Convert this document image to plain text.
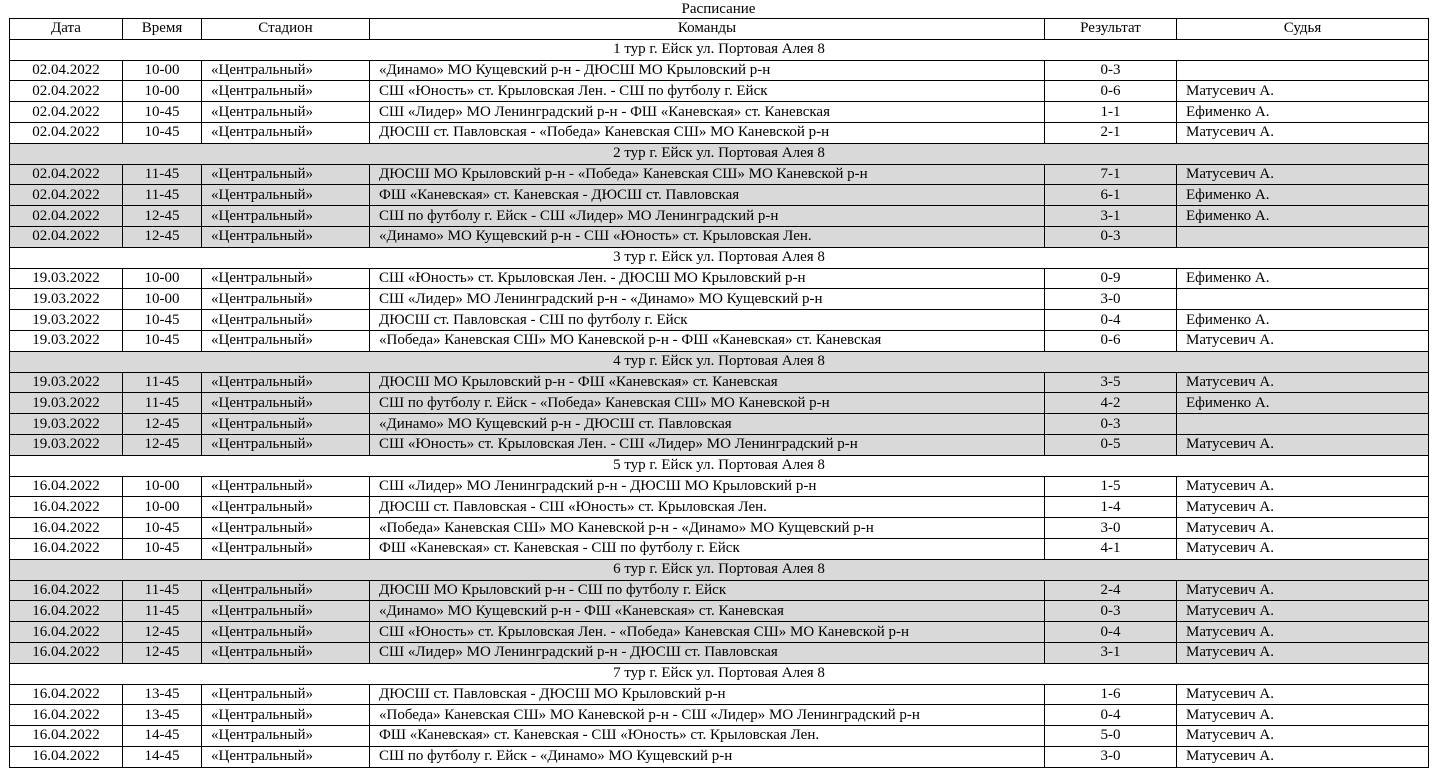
Расписание
Дата	Время	Стадион	Команды	Результат	Судья
1 тур г. Ейск ул. Портовая Алея 8					
02.04.2022	10-00	«Центральный»	«Динамо» МО Кущевский р-н - ДЮСШ МО Крыловский р-н	0-3	
02.04.2022	10-00	«Центральный»	СШ «Юность» ст. Крыловская Лен. - СШ по футболу г. Ейск	0-6	Матусевич А.
02.04.2022	10-45	«Центральный»	СШ «Лидер» МО Ленинградский р-н - ФШ «Каневская» ст. Каневская	1-1	Ефименко А.
02.04.2022	10-45	«Центральный»	ДЮСШ ст. Павловская - «Победа» Каневская СШ» МО Каневской р-н	2-1	Матусевич А.
2 тур г. Ейск ул. Портовая Алея 8					
02.04.2022	11-45	«Центральный»	ДЮСШ МО Крыловский р-н - «Победа» Каневская СШ» МО Каневской р-н	7-1	Матусевич А.
02.04.2022	11-45	«Центральный»	ФШ «Каневская» ст. Каневская - ДЮСШ ст. Павловская	6-1	Ефименко А.
02.04.2022	12-45	«Центральный»	СШ по футболу г. Ейск - СШ «Лидер» МО Ленинградский р-н	3-1	Ефименко А.
02.04.2022	12-45	«Центральный»	«Динамо» МО Кущевский р-н - СШ «Юность» ст. Крыловская Лен.	0-3	
3 тур г. Ейск ул. Портовая Алея 8					
19.03.2022	10-00	«Центральный»	СШ «Юность» ст. Крыловская Лен. - ДЮСШ МО Крыловский р-н	0-9	Ефименко А.
19.03.2022	10-00	«Центральный»	СШ «Лидер» МО Ленинградский р-н - «Динамо» МО Кущевский р-н	3-0	
19.03.2022	10-45	«Центральный»	ДЮСШ ст. Павловская - СШ по футболу г. Ейск	0-4	Ефименко А.
19.03.2022	10-45	«Центральный»	«Победа» Каневская СШ» МО Каневской р-н - ФШ «Каневская» ст. Каневская	0-6	Матусевич А.
4 тур г. Ейск ул. Портовая Алея 8					
19.03.2022	11-45	«Центральный»	ДЮСШ МО Крыловский р-н - ФШ «Каневская» ст. Каневская	3-5	Матусевич А.
19.03.2022	11-45	«Центральный»	СШ по футболу г. Ейск - «Победа» Каневская СШ» МО Каневской р-н	4-2	Ефименко А.
19.03.2022	12-45	«Центральный»	«Динамо» МО Кущевский р-н - ДЮСШ ст. Павловская	0-3	
19.03.2022	12-45	«Центральный»	СШ «Юность» ст. Крыловская Лен. - СШ «Лидер» МО Ленинградский р-н	0-5	Матусевич А.
5 тур г. Ейск ул. Портовая Алея 8					
16.04.2022	10-00	«Центральный»	СШ «Лидер» МО Ленинградский р-н - ДЮСШ МО Крыловский р-н	1-5	Матусевич А.
16.04.2022	10-00	«Центральный»	ДЮСШ ст. Павловская - СШ «Юность» ст. Крыловская Лен.	1-4	Матусевич А.
16.04.2022	10-45	«Центральный»	«Победа» Каневская СШ» МО Каневской р-н - «Динамо» МО Кущевский р-н	3-0	Матусевич А.
16.04.2022	10-45	«Центральный»	ФШ «Каневская» ст. Каневская - СШ по футболу г. Ейск	4-1	Матусевич А.
6 тур г. Ейск ул. Портовая Алея 8					
16.04.2022	11-45	«Центральный»	ДЮСШ МО Крыловский р-н - СШ по футболу г. Ейск	2-4	Матусевич А.
16.04.2022	11-45	«Центральный»	«Динамо» МО Кущевский р-н - ФШ «Каневская» ст. Каневская	0-3	Матусевич А.
16.04.2022	12-45	«Центральный»	СШ «Юность» ст. Крыловская Лен. - «Победа» Каневская СШ» МО Каневской р-н	0-4	Матусевич А.
16.04.2022	12-45	«Центральный»	СШ «Лидер» МО Ленинградский р-н - ДЮСШ ст. Павловская	3-1	Матусевич А.
7 тур г. Ейск ул. Портовая Алея 8					
16.04.2022	13-45	«Центральный»	ДЮСШ ст. Павловская - ДЮСШ МО Крыловский р-н	1-6	Матусевич А.
16.04.2022	13-45	«Центральный»	«Победа» Каневская СШ» МО Каневской р-н - СШ «Лидер» МО Ленинградский р-н	0-4	Матусевич А.
16.04.2022	14-45	«Центральный»	ФШ «Каневская» ст. Каневская - СШ «Юность» ст. Крыловская Лен.	5-0	Матусевич А.
16.04.2022	14-45	«Центральный»	СШ по футболу г. Ейск - «Динамо» МО Кущевский р-н	3-0	Матусевич А.
